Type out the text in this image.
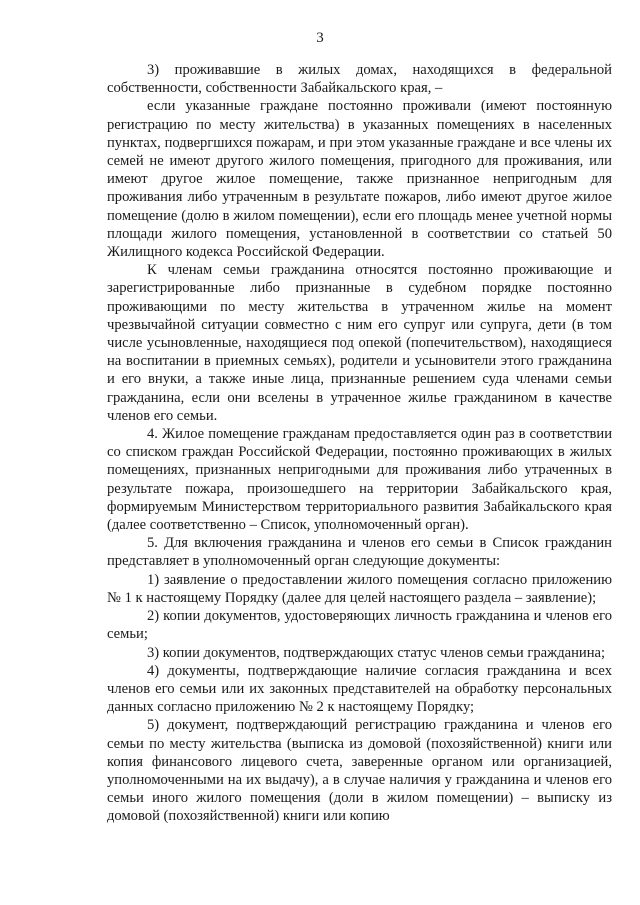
3

3) проживавшие в жилых домах, находящихся в федеральной собственности, собственности Забайкальского края, –

если указанные граждане постоянно проживали (имеют постоянную регистрацию по месту жительства) в указанных помещениях в населенных пунктах, подвергшихся пожарам, и при этом указанные граждане и все члены их семей не имеют другого жилого помещения, пригодного для проживания, или имеют другое жилое помещение, также признанное непригодным для проживания либо утраченным в результате пожаров, либо имеют другое жилое помещение (долю в жилом помещении), если его площадь менее учетной нормы площади жилого помещения, установленной в соответствии со статьей 50 Жилищного кодекса Российской Федерации.

К членам семьи гражданина относятся постоянно проживающие и зарегистрированные либо признанные в судебном порядке постоянно проживающими по месту жительства в утраченном жилье на момент чрезвычайной ситуации совместно с ним его супруг или супруга, дети (в том числе усыновленные, находящиеся под опекой (попечительством), находящиеся на воспитании в приемных семьях), родители и усыновители этого гражданина и его внуки, а также иные лица, признанные решением суда членами семьи гражданина, если они вселены в утраченное жилье гражданином в качестве членов его семьи.

4. Жилое помещение гражданам предоставляется один раз в соответствии со списком граждан Российской Федерации, постоянно проживающих в жилых помещениях, признанных непригодными для проживания либо утраченных в результате пожара, произошедшего на территории Забайкальского края, формируемым Министерством территориального развития Забайкальского края (далее соответственно – Список, уполномоченный орган).

5. Для включения гражданина и членов его семьи в Список гражданин представляет в уполномоченный орган следующие документы:

1) заявление о предоставлении жилого помещения согласно приложению № 1 к настоящему Порядку (далее для целей настоящего раздела – заявление);

2) копии документов, удостоверяющих личность гражданина и членов его семьи;

3) копии документов, подтверждающих статус членов семьи гражданина;

4) документы, подтверждающие наличие согласия гражданина и всех членов его семьи или их законных представителей на обработку персональных данных согласно приложению № 2 к настоящему Порядку;

5) документ, подтверждающий регистрацию гражданина и членов его семьи по месту жительства (выписка из домовой (похозяйственной) книги или копия финансового лицевого счета, заверенные органом или организацией, уполномоченными на их выдачу), а в случае наличия у гражданина и членов его семьи иного жилого помещения (доли в жилом помещении) – выписку из домовой (похозяйственной) книги или копию
